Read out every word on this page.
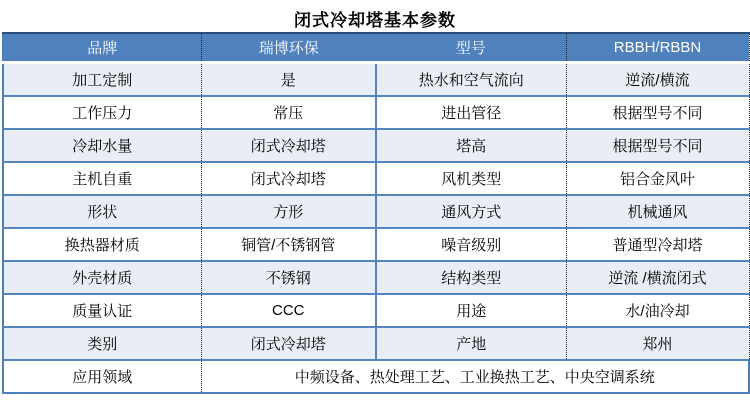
闭式冷却塔基本参数
品牌	瑞博环保	型号	RBBH/RBBN
加工定制	是	热水和空气流向	逆流/横流
工作压力	常压	进出管径	根据型号不同
冷却水量	闭式冷却塔	塔高	根据型号不同
主机自重	闭式冷却塔	风机类型	铝合金风叶
形状	方形	通风方式	机械通风
换热器材质	铜管/不锈钢管	噪音级别	普通型冷却塔
外壳材质	不锈钢	结构类型	逆流 /横流闭式
质量认证	CCC	用途	水/油冷却
类别	闭式冷却塔	产地	郑州
应用领域	中频设备、热处理工艺、工业换热工艺、中央空调系统		
